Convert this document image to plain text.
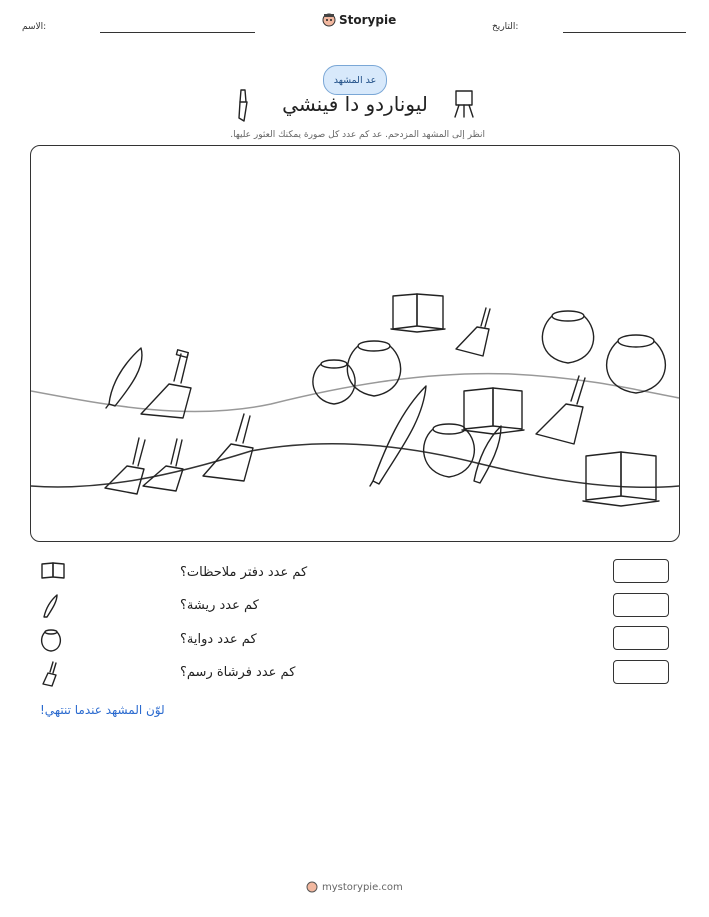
الاسم:	Storypie	التاريخ:
عد المشهد
ليوناردو دا فينشي
انظر إلى المشهد المزدحم. عد كم عدد كل صورة يمكنك العثور عليها.
كم عدد دفتر ملاحظات؟
كم عدد ريشة؟
كم عدد دواية؟
كم عدد فرشاة رسم؟
لوّن المشهد عندما تنتهي!
mystorypie.com
